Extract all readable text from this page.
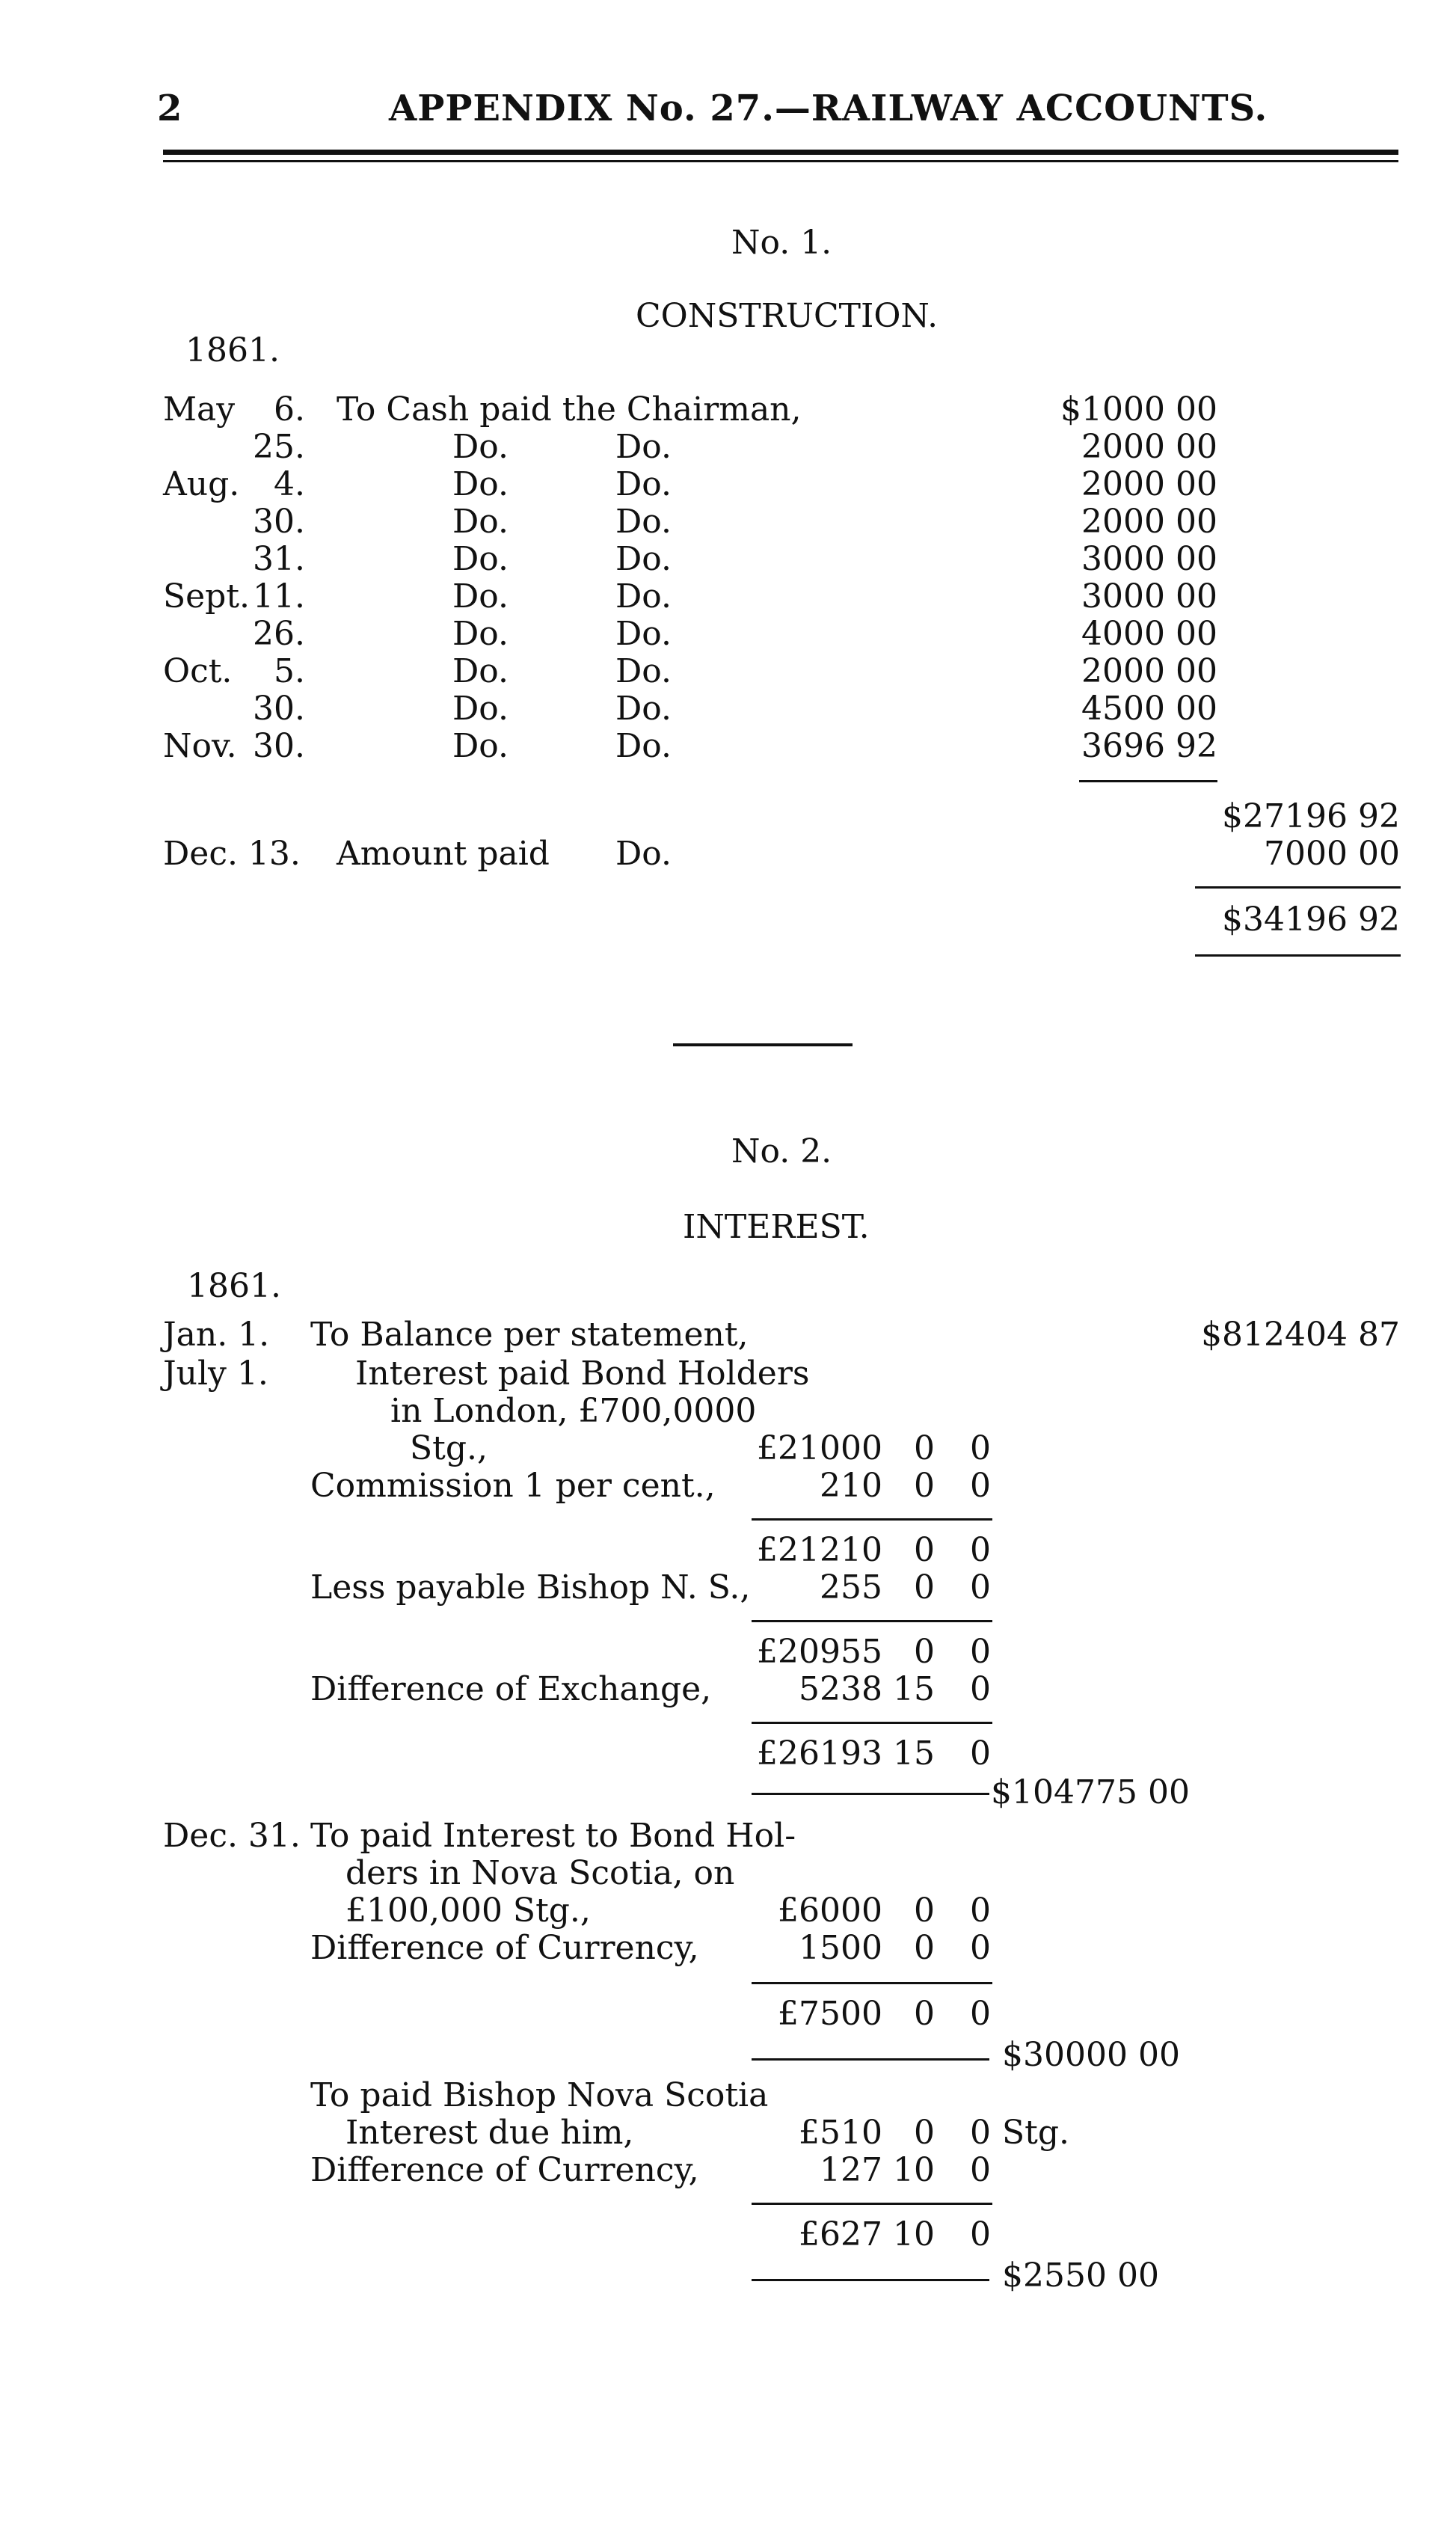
2	APPENDIX No. 27.—RAILWAY ACCOUNTS.
No. 1.
CONSTRUCTION.
1861.
May	6. To Cash paid the Chairman,	$1000 00
25.	Do.	Do.	2000 00
Aug.	4.	Do.	Do.	2000 00
30.	Do.	Do.	2000 00
31.	Do.	Do.	3000 00
Sept. 11.	Do.	Do.	3000 00
26.	Do.	Do.	4000 00
Oct.	5.	Do.	Do.	2000 00
30.	Do.	Do.	4500 00
Nov. 30.	Do.	Do.	3696 92
$27196 92
Dec. 13. Amount paid Do.	7000 00
$34196 92
No. 2.
INTEREST.
1861.
Jan. 1. To Balance per statement,	$812404 87
July 1.	Interest paid Bond Holders
in London, £700,0000
Stg.,	£21000 0	0
Commission 1 per cent.,	210 0	0
£21210 0	0
Less payable Bishop N. S.,	255 0	0
£20955 0	0
Difference of Exchange,	5238 15	0
£26193 15	0
$104775 00
Dec. 31. To paid Interest to Bond Hol-
ders in Nova Scotia, on
£100,000 Stg.,	£6000 0	0
Difference of Currency,	1500 0	0
£7500 0	0
$30000 00
To paid Bishop Nova Scotia
Interest due him,	£510 0	0 Stg.
Difference of Currency,	127 10	0
£627 10	0
$2550 00
